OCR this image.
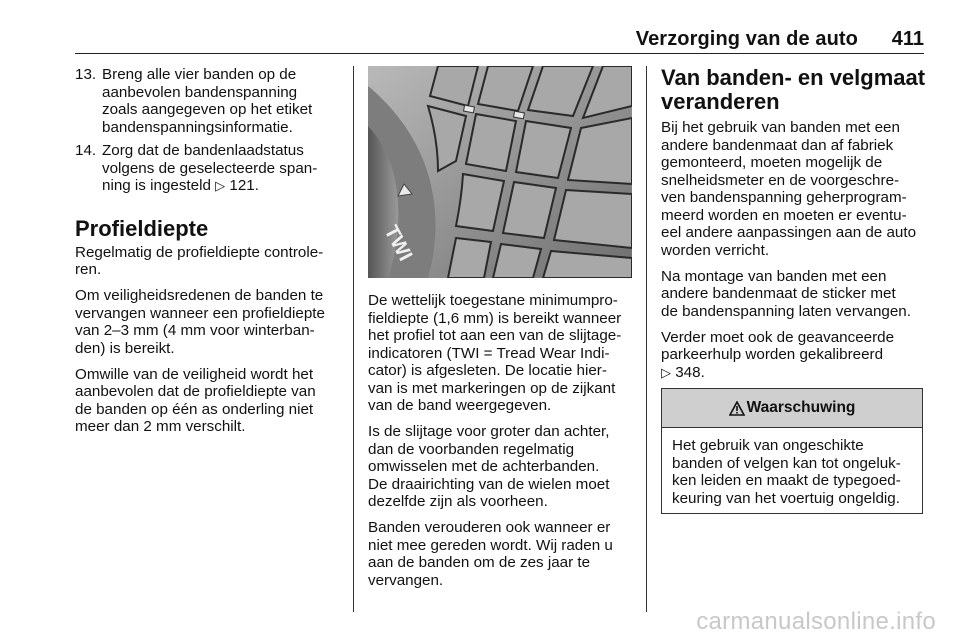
Verzorging van de auto 411
13. Breng alle vier banden op de
aanbevolen bandenspanning
zoals aangegeven op het etiket
bandenspanningsinformatie.
14. Zorg dat de bandenlaadstatus
volgens de geselecteerde span-
ning is ingesteld ▷ 121.
Profieldiepte

Regelmatig de profieldiepte controle-
ren.

Om veiligheidsredenen de banden te
vervangen wanneer een profieldiepte
van 2–3 mm (4 mm voor winterban-
den) is bereikt.

Omwille van de veiligheid wordt het
aanbevolen dat de profieldiepte van
de banden op één as onderling niet
meer dan 2 mm verschilt.

TWI

De wettelijk toegestane minimumpro-
fieldiepte (1,6 mm) is bereikt wanneer
het profiel tot aan een van de slijtage-
indicatoren (TWI = Tread Wear Indi-
cator) is afgesleten. De locatie hier-
van is met markeringen op de zijkant
van de band weergegeven.

Is de slijtage voor groter dan achter,
dan de voorbanden regelmatig
omwisselen met de achterbanden.
De draairichting van de wielen moet
dezelfde zijn als voorheen.

Banden verouderen ook wanneer er
niet mee gereden wordt. Wij raden u
aan de banden om de zes jaar te
vervangen.

Van banden- en velgmaat
veranderen

Bij het gebruik van banden met een
andere bandenmaat dan af fabriek
gemonteerd, moeten mogelijk de
snelheidsmeter en de voorgeschre-
ven bandenspanning geherprogram-
meerd worden en moeten er eventu-
eel andere aanpassingen aan de auto
worden verricht.

Na montage van banden met een
andere bandenmaat de sticker met
de bandenspanning laten vervangen.

Verder moet ook de geavanceerde
parkeerhulp worden gekalibreerd
▷ 348.

Waarschuwing
Het gebruik van ongeschikte
banden of velgen kan tot ongeluk-
ken leiden en maakt de typegoed-
keuring van het voertuig ongeldig.
carmanualsonline.info
